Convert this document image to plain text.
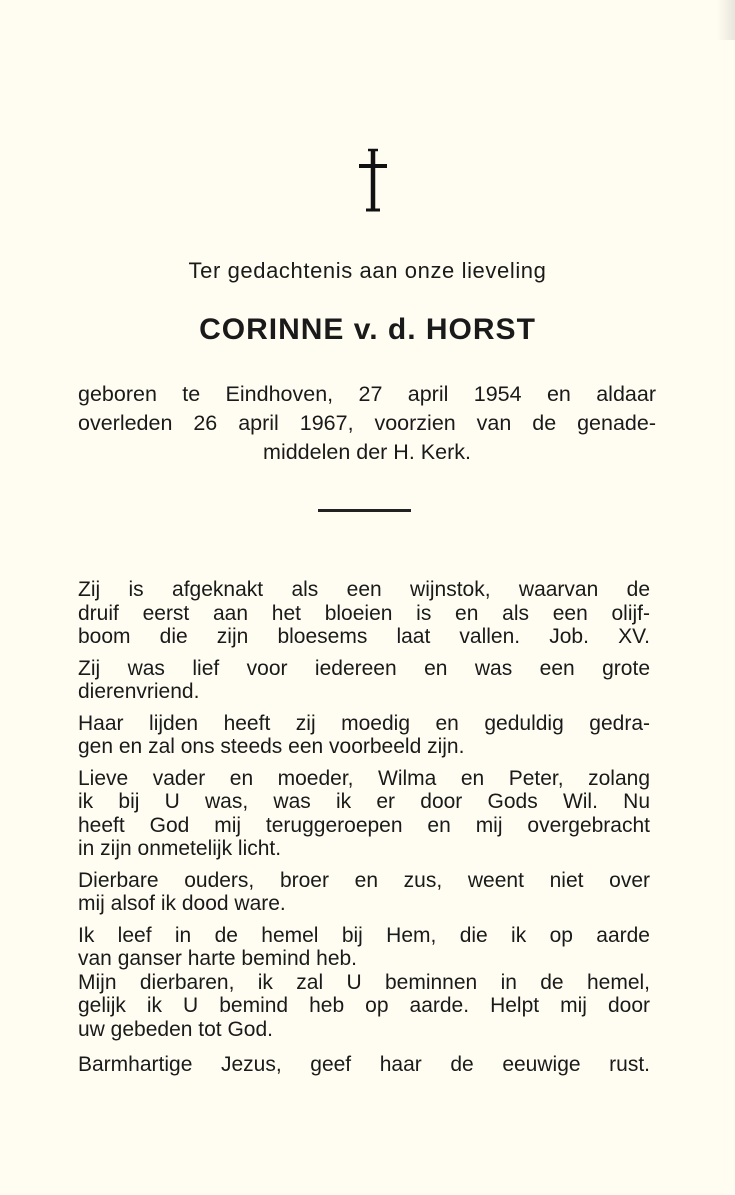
Ter gedachtenis aan onze lieveling
CORINNE v. d. HORST
geboren te Eindhoven, 27 april 1954 en aldaar
overleden 26 april 1967, voorzien van de genade-
middelen der H. Kerk.
Zij is afgeknakt als een wijnstok, waarvan de
druif eerst aan het bloeien is en als een olijf-
boom die zijn bloesems laat vallen. Job. XV.
Zij was lief voor iedereen en was een grote
dierenvriend.
Haar lijden heeft zij moedig en geduldig gedra-
gen en zal ons steeds een voorbeeld zijn.
Lieve vader en moeder, Wilma en Peter, zolang
ik bij U was, was ik er door Gods Wil. Nu
heeft God mij teruggeroepen en mij overgebracht
in zijn onmetelijk licht.
Dierbare ouders, broer en zus, weent niet over
mij alsof ik dood ware.
Ik leef in de hemel bij Hem, die ik op aarde
van ganser harte bemind heb.
Mijn dierbaren, ik zal U beminnen in de hemel,
gelijk ik U bemind heb op aarde. Helpt mij door
uw gebeden tot God.
Barmhartige Jezus, geef haar de eeuwige rust.
